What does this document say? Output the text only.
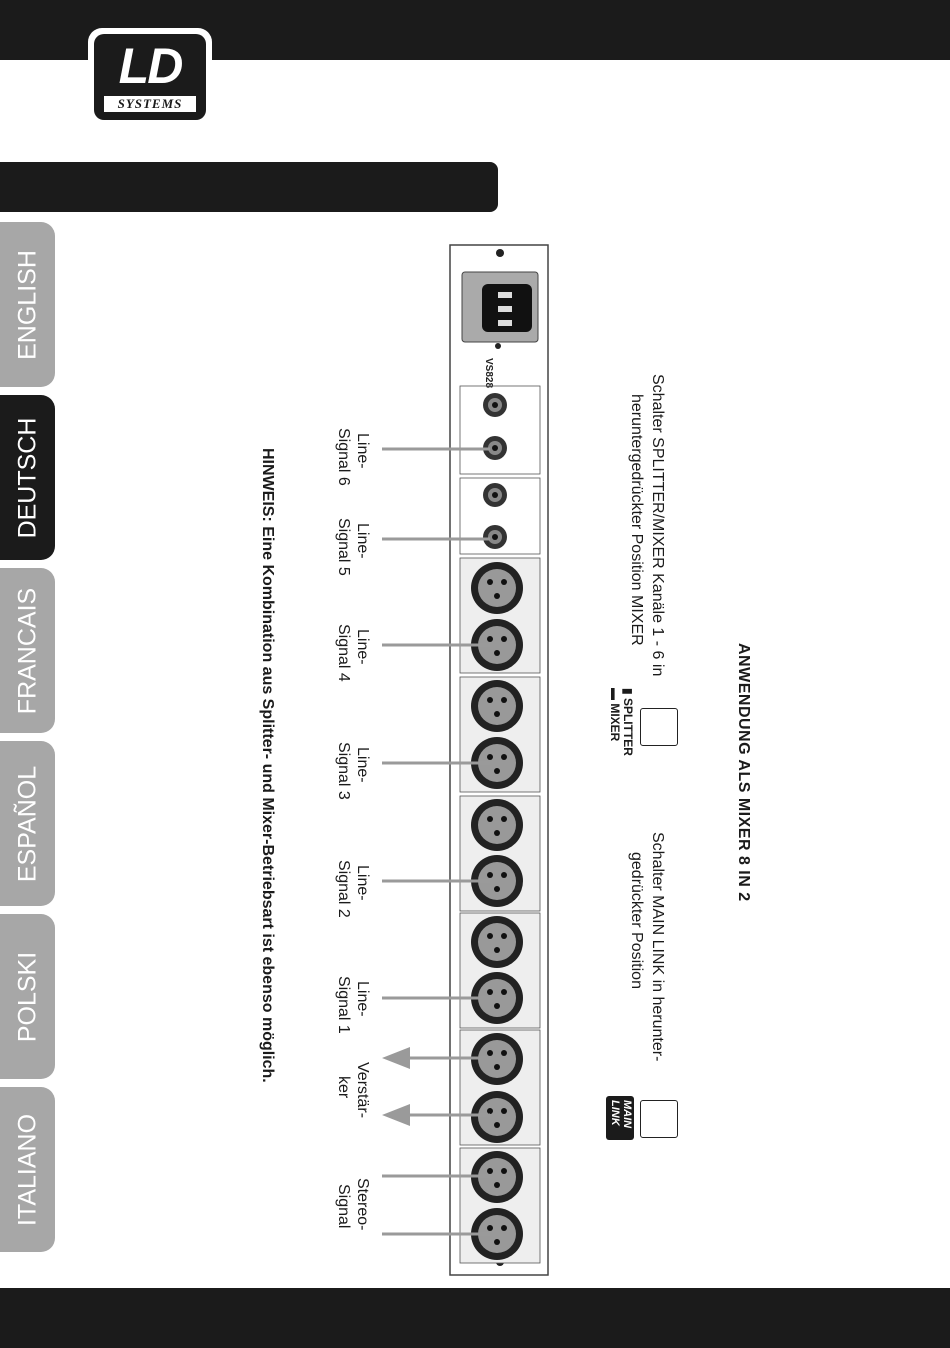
LD
SYSTEMS
ENGLISH
DEUTSCH
FRANCAIS
ESPAÑOL
POLSKI
ITALIANO
VS828
ANWENDUNG ALS MIXER 8 IN 2
Schalter SPLITTER/MIXER Kanäle 1 - 6 in
heruntergedrückter Position MIXER
▮ SPLITTER
▬ MIXER
Schalter MAIN LINK in herunter-
gedrückter Position
MAIN
LINK
Line-
Signal 6
Line-
Signal 5
Line-
Signal 4
Line-
Signal 3
Line-
Signal 2
Line-
Signal 1
Verstär-
ker
Stereo-
Signal
HINWEIS: Eine Kombination aus Splitter- und Mixer-Betriebsart ist ebenso möglich.
